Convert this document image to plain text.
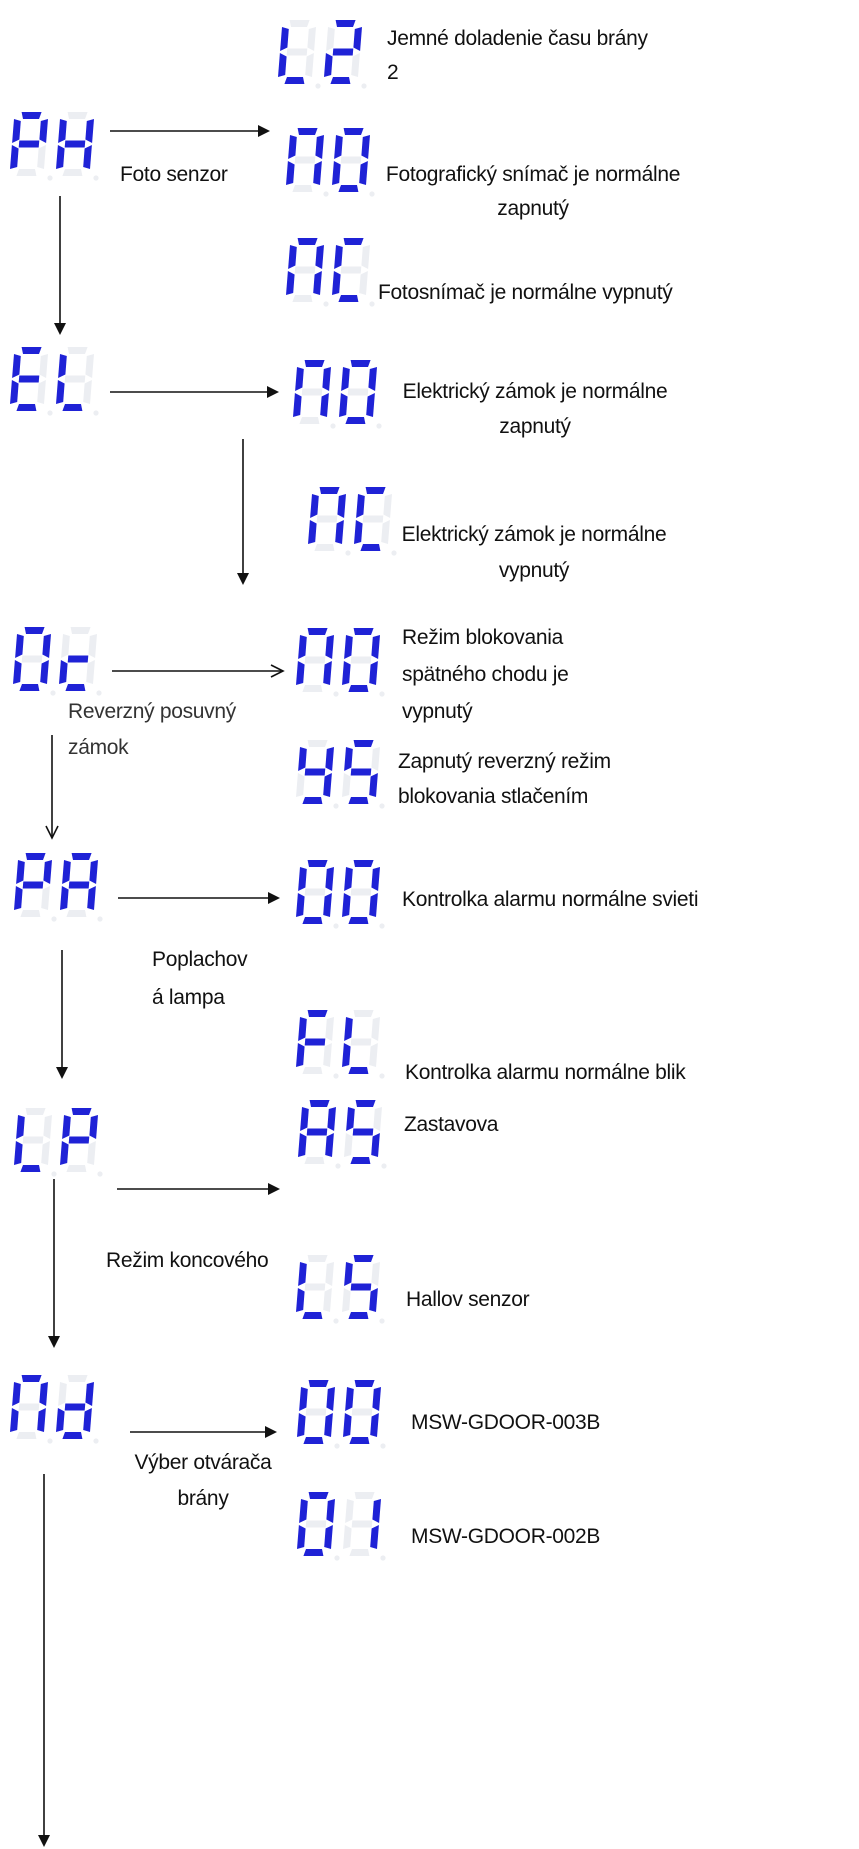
Jemné doladenie času brány
2
Foto senzor	Fotografický snímač je normálne
zapnutý
Fotosnímač je normálne vypnutý
Elektrický zámok je normálne
zapnutý
Elektrický zámok je normálne
vypnutý
Režim blokovania
spätného chodu je
vypnutý
Reverzný posuvný
zámok
Zapnutý reverzný režim
blokovania stlačením
Kontrolka alarmu normálne svieti
Poplachov
á lampa
Kontrolka alarmu normálne blik
Zastavova
Režim koncového
Hallov senzor
MSW-GDOOR-003B
Výber otvárača
brány
MSW-GDOOR-002B
